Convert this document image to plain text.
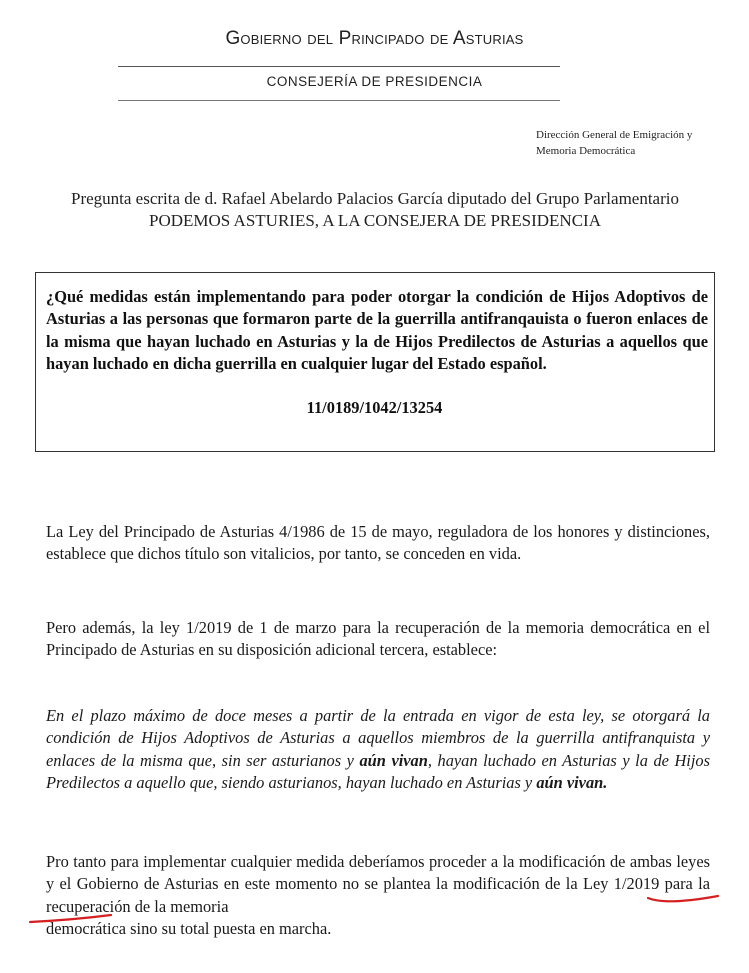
Gobierno del Principado de Asturias
CONSEJERÍA DE PRESIDENCIA
Dirección General de Emigración y
Memoria Democrática
Pregunta escrita de d. Rafael Abelardo Palacios García diputado del Grupo Parlamentario PODEMOS ASTURIES, A LA CONSEJERA DE PRESIDENCIA
¿Qué medidas están implementando para poder otorgar la condición de Hijos Adoptivos de Asturias a las personas que formaron parte de la guerrilla antifranqauista o fueron enlaces de la misma que hayan luchado en Asturias y la de Hijos Predilectos de Asturias a aquellos que hayan luchado en dicha guerrilla en cualquier lugar del Estado español.
11/0189/1042/13254
La Ley del Principado de Asturias 4/1986 de 15 de mayo, reguladora de los honores y distinciones, establece que dichos título son vitalicios, por tanto, se conceden en vida.
Pero además, la ley 1/2019 de 1 de marzo para la recuperación de la memoria democrática en el Principado de Asturias en su disposición adicional tercera, establece:
En el plazo máximo de doce meses a partir de la entrada en vigor de esta ley, se otorgará la condición de Hijos Adoptivos de Asturias a aquellos miembros de la guerrilla antifranquista y enlaces de la misma que, sin ser asturianos y aún vivan, hayan luchado en Asturias y la de Hijos Predilectos a aquello que, siendo asturianos, hayan luchado en Asturias y aún vivan.
Pro tanto para implementar cualquier medida deberíamos proceder a la modificación de ambas leyes y el Gobierno de Asturias en este momento no se plantea la modificación de la Ley 1/2019 para la recuperación de la memoria
democrática sino su total puesta en marcha.
